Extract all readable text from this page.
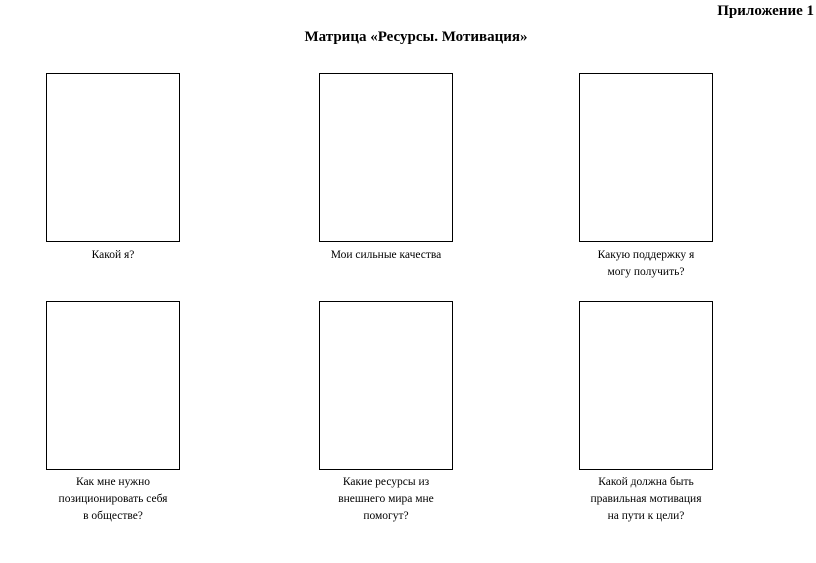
Приложение 1
Матрица «Ресурсы. Мотивация»
Какой я?	Мои сильные качества	Какую поддержку я
могу получить?
Как мне нужно
позиционировать себя
в обществе?
Какие ресурсы из
внешнего мира мне
помогут?
Какой должна быть
правильная мотивация
на пути к цели?
